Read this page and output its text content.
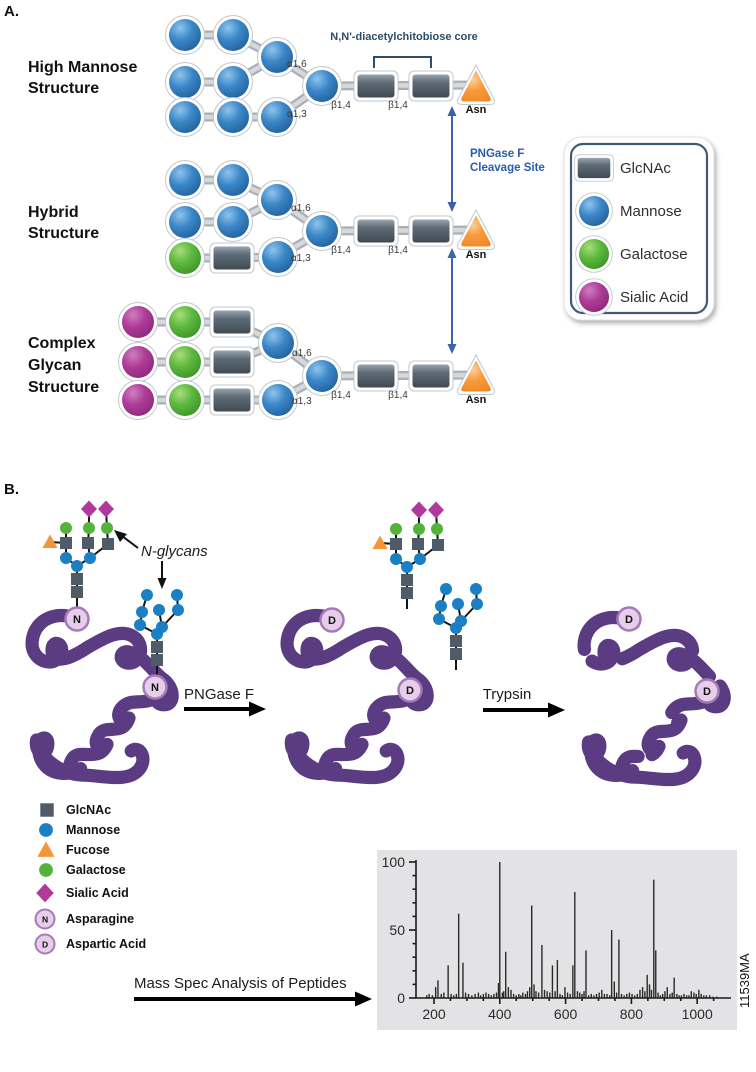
A.
High Mannose
Structure
Hybrid
Structure
Complex
Glycan
Structure
N,N'-diacetylchitobiose core
α1,6
α1,3
β1,4	β1,4
α1,6
α1,3
β1,4	β1,4
α1,6
α1,3
β1,4	β1,4
Asn
Asn
Asn
PNGase F
Cleavage Site	GlcNAc
Mannose
Galactose
Sialic Acid
B.
N
N
D
D
D
D
N-glycans
PNGase F	Trypsin
N
D
GlcNAc
Mannose
Fucose
Galactose
Sialic Acid
Asparagine
Aspartic Acid
Mass Spec Analysis of Peptides
0
50
100
200	400	600	800	1000
11539MA
